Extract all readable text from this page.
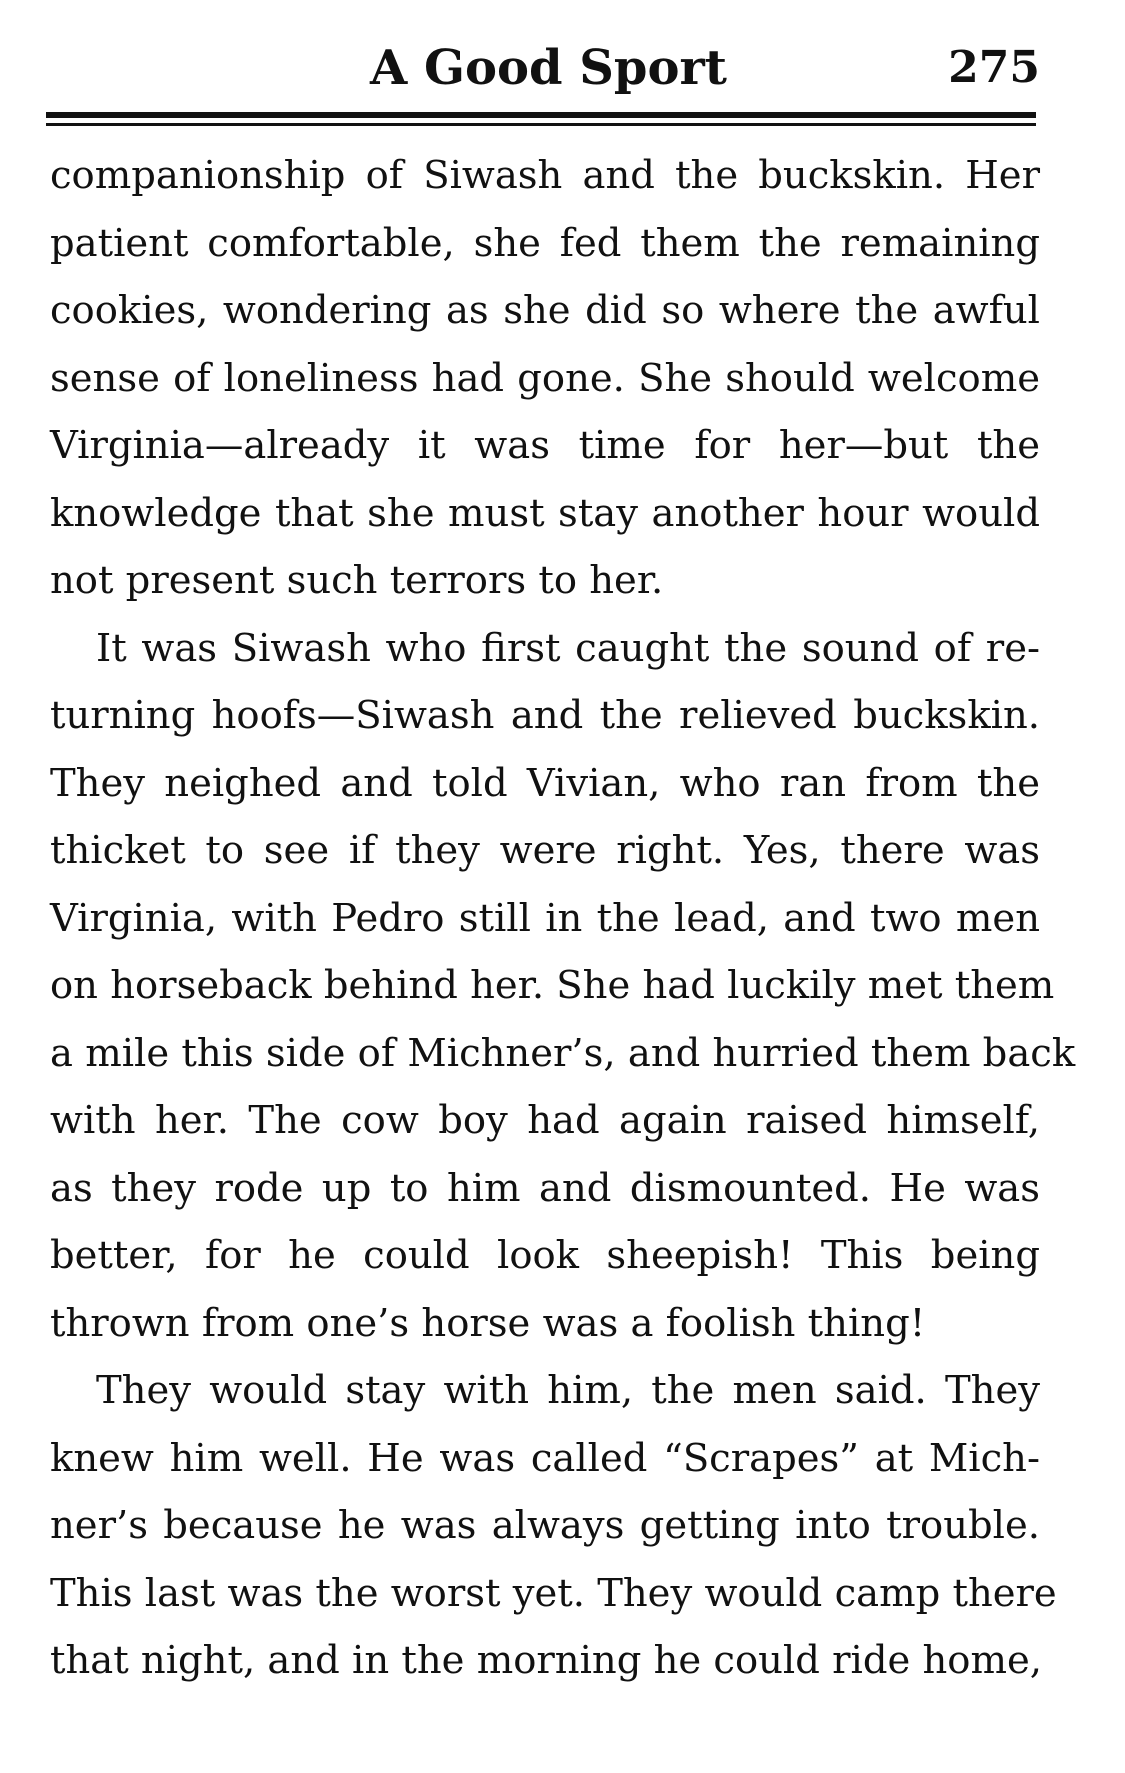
A Good Sport	275
companionship of Siwash and the buckskin. Her
patient comfortable, she fed them the remaining
cookies, wondering as she did so where the awful
sense of loneliness had gone. She should welcome
Virginia—already it was time for her—but the
knowledge that she must stay another hour would
not present such terrors to her.
It was Siwash who first caught the sound of re-
turning hoofs—Siwash and the relieved buckskin.
They neighed and told Vivian, who ran from the
thicket to see if they were right. Yes, there was
Virginia, with Pedro still in the lead, and two men
on horseback behind her. She had luckily met them
a mile this side of Michner’s, and hurried them back
with her. The cow boy had again raised himself,
as they rode up to him and dismounted. He was
better, for he could look sheepish! This being
thrown from one’s horse was a foolish thing!
They would stay with him, the men said. They
knew him well. He was called “Scrapes” at Mich-
ner’s because he was always getting into trouble.
This last was the worst yet. They would camp there
that night, and in the morning he could ride home,
